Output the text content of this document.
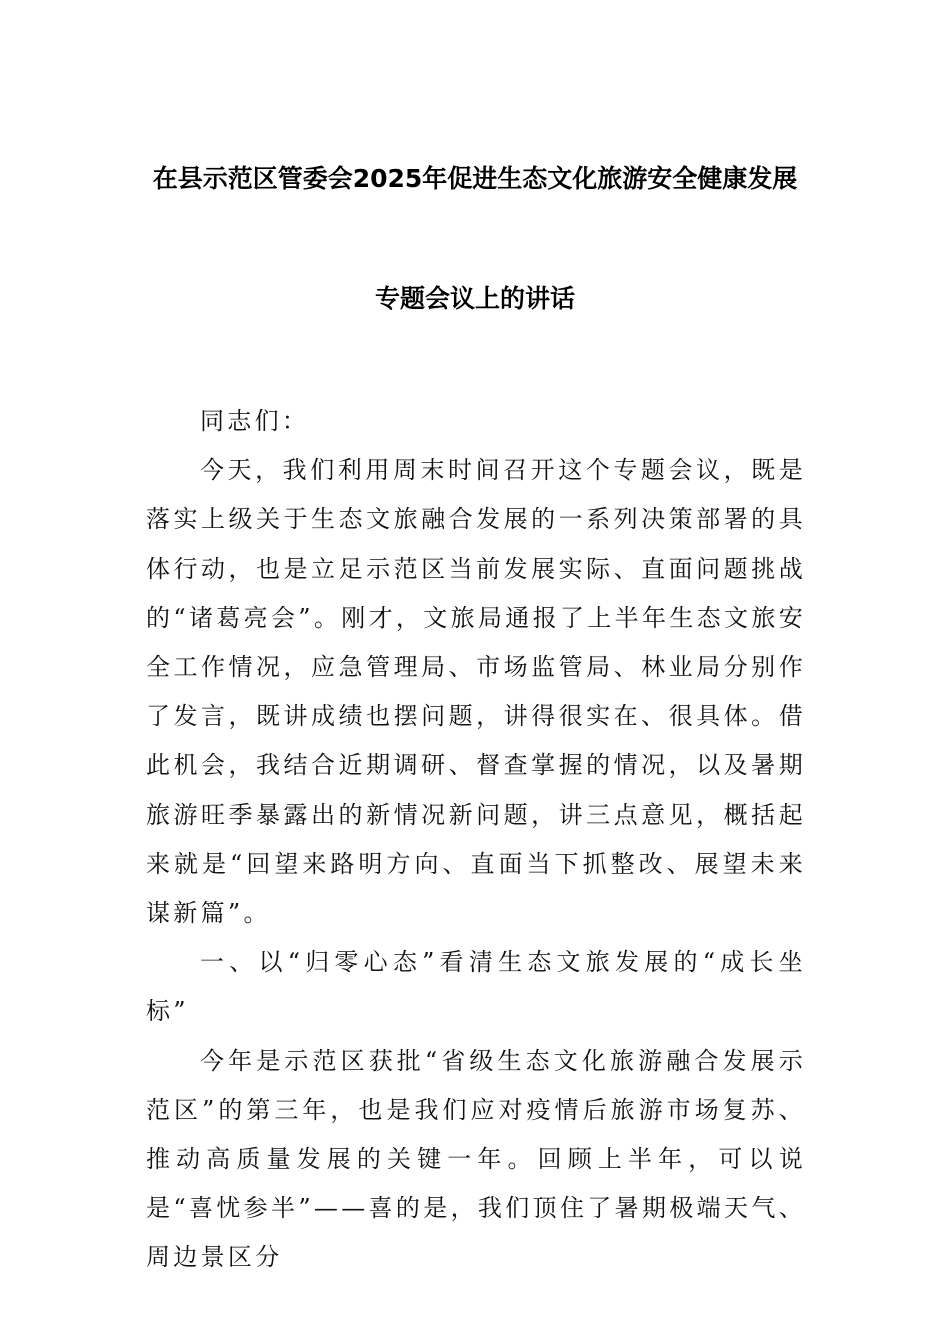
在县示范区管委会2025年促进生态文化旅游安全健康发展
专题会议上的讲话

同志们：

今天，我们利用周末时间召开这个专题会议，既是落实上级关于生态文旅融合发展的一系列决策部署的具体行动，也是立足示范区当前发展实际、直面问题挑战的“诸葛亮会”。刚才，文旅局通报了上半年生态文旅安全工作情况，应急管理局、市场监管局、林业局分别作了发言，既讲成绩也摆问题，讲得很实在、很具体。借此机会，我结合近期调研、督查掌握的情况，以及暑期旅游旺季暴露出的新情况新问题，讲三点意见，概括起来就是“回望来路明方向、直面当下抓整改、展望未来谋新篇”。

一、以“归零心态”看清生态文旅发展的“成长坐标”

今年是示范区获批“省级生态文化旅游融合发展示范区”的第三年，也是我们应对疫情后旅游市场复苏、推动高质量发展的关键一年。回顾上半年，可以说是“喜忧参半”——喜的是，我们顶住了暑期极端天气、周边景区分
